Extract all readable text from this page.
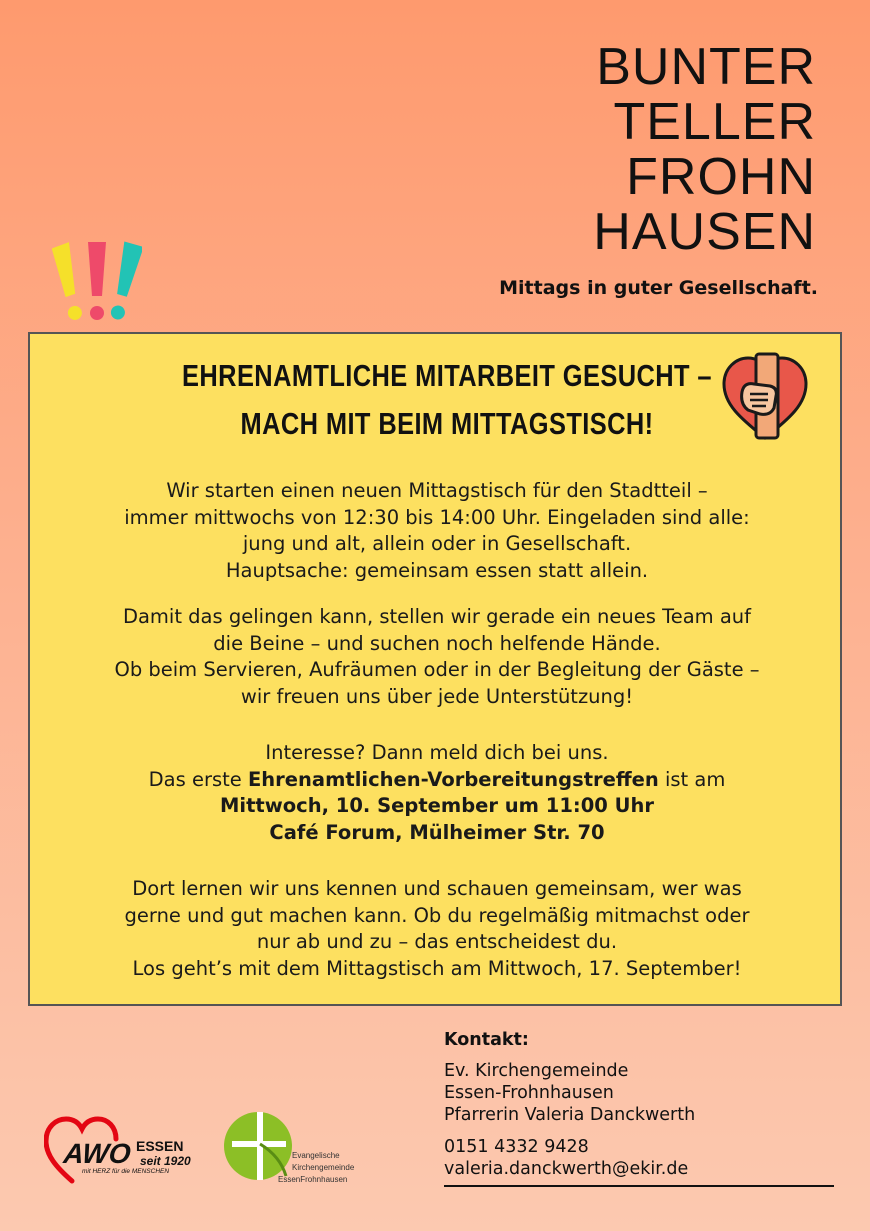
BUNTER
TELLER
FROHN
HAUSEN
Mittags in guter Gesellschaft.
EHRENAMTLICHE MITARBEIT GESUCHT –
MACH MIT BEIM MITTAGSTISCH!
Wir starten einen neuen Mittagstisch für den Stadtteil –
immer mittwochs von 12:30 bis 14:00 Uhr. Eingeladen sind alle:
jung und alt, allein oder in Gesellschaft.
Hauptsache: gemeinsam essen statt allein.
Damit das gelingen kann, stellen wir gerade ein neues Team auf
die Beine – und suchen noch helfende Hände.
Ob beim Servieren, Aufräumen oder in der Begleitung der Gäste –
wir freuen uns über jede Unterstützung!
Interesse? Dann meld dich bei uns.
Das erste Ehrenamtlichen-Vorbereitungstreffen ist am
Mittwoch, 10. September um 11:00 Uhr
Café Forum, Mülheimer Str. 70
Dort lernen wir uns kennen und schauen gemeinsam, wer was
gerne und gut machen kann. Ob du regelmäßig mitmachst oder
nur ab und zu – das entscheidest du.
Los geht’s mit dem Mittagstisch am Mittwoch, 17. September!
AWO ESSEN
seit 1920
mit HERZ für die MENSCHEN
Evangelische
Kirchengemeinde
EssenFrohnhausen
Kontakt:
Ev. Kirchengemeinde
Essen-Frohnhausen
Pfarrerin Valeria Danckwerth
0151 4332 9428
valeria.danckwerth@ekir.de
